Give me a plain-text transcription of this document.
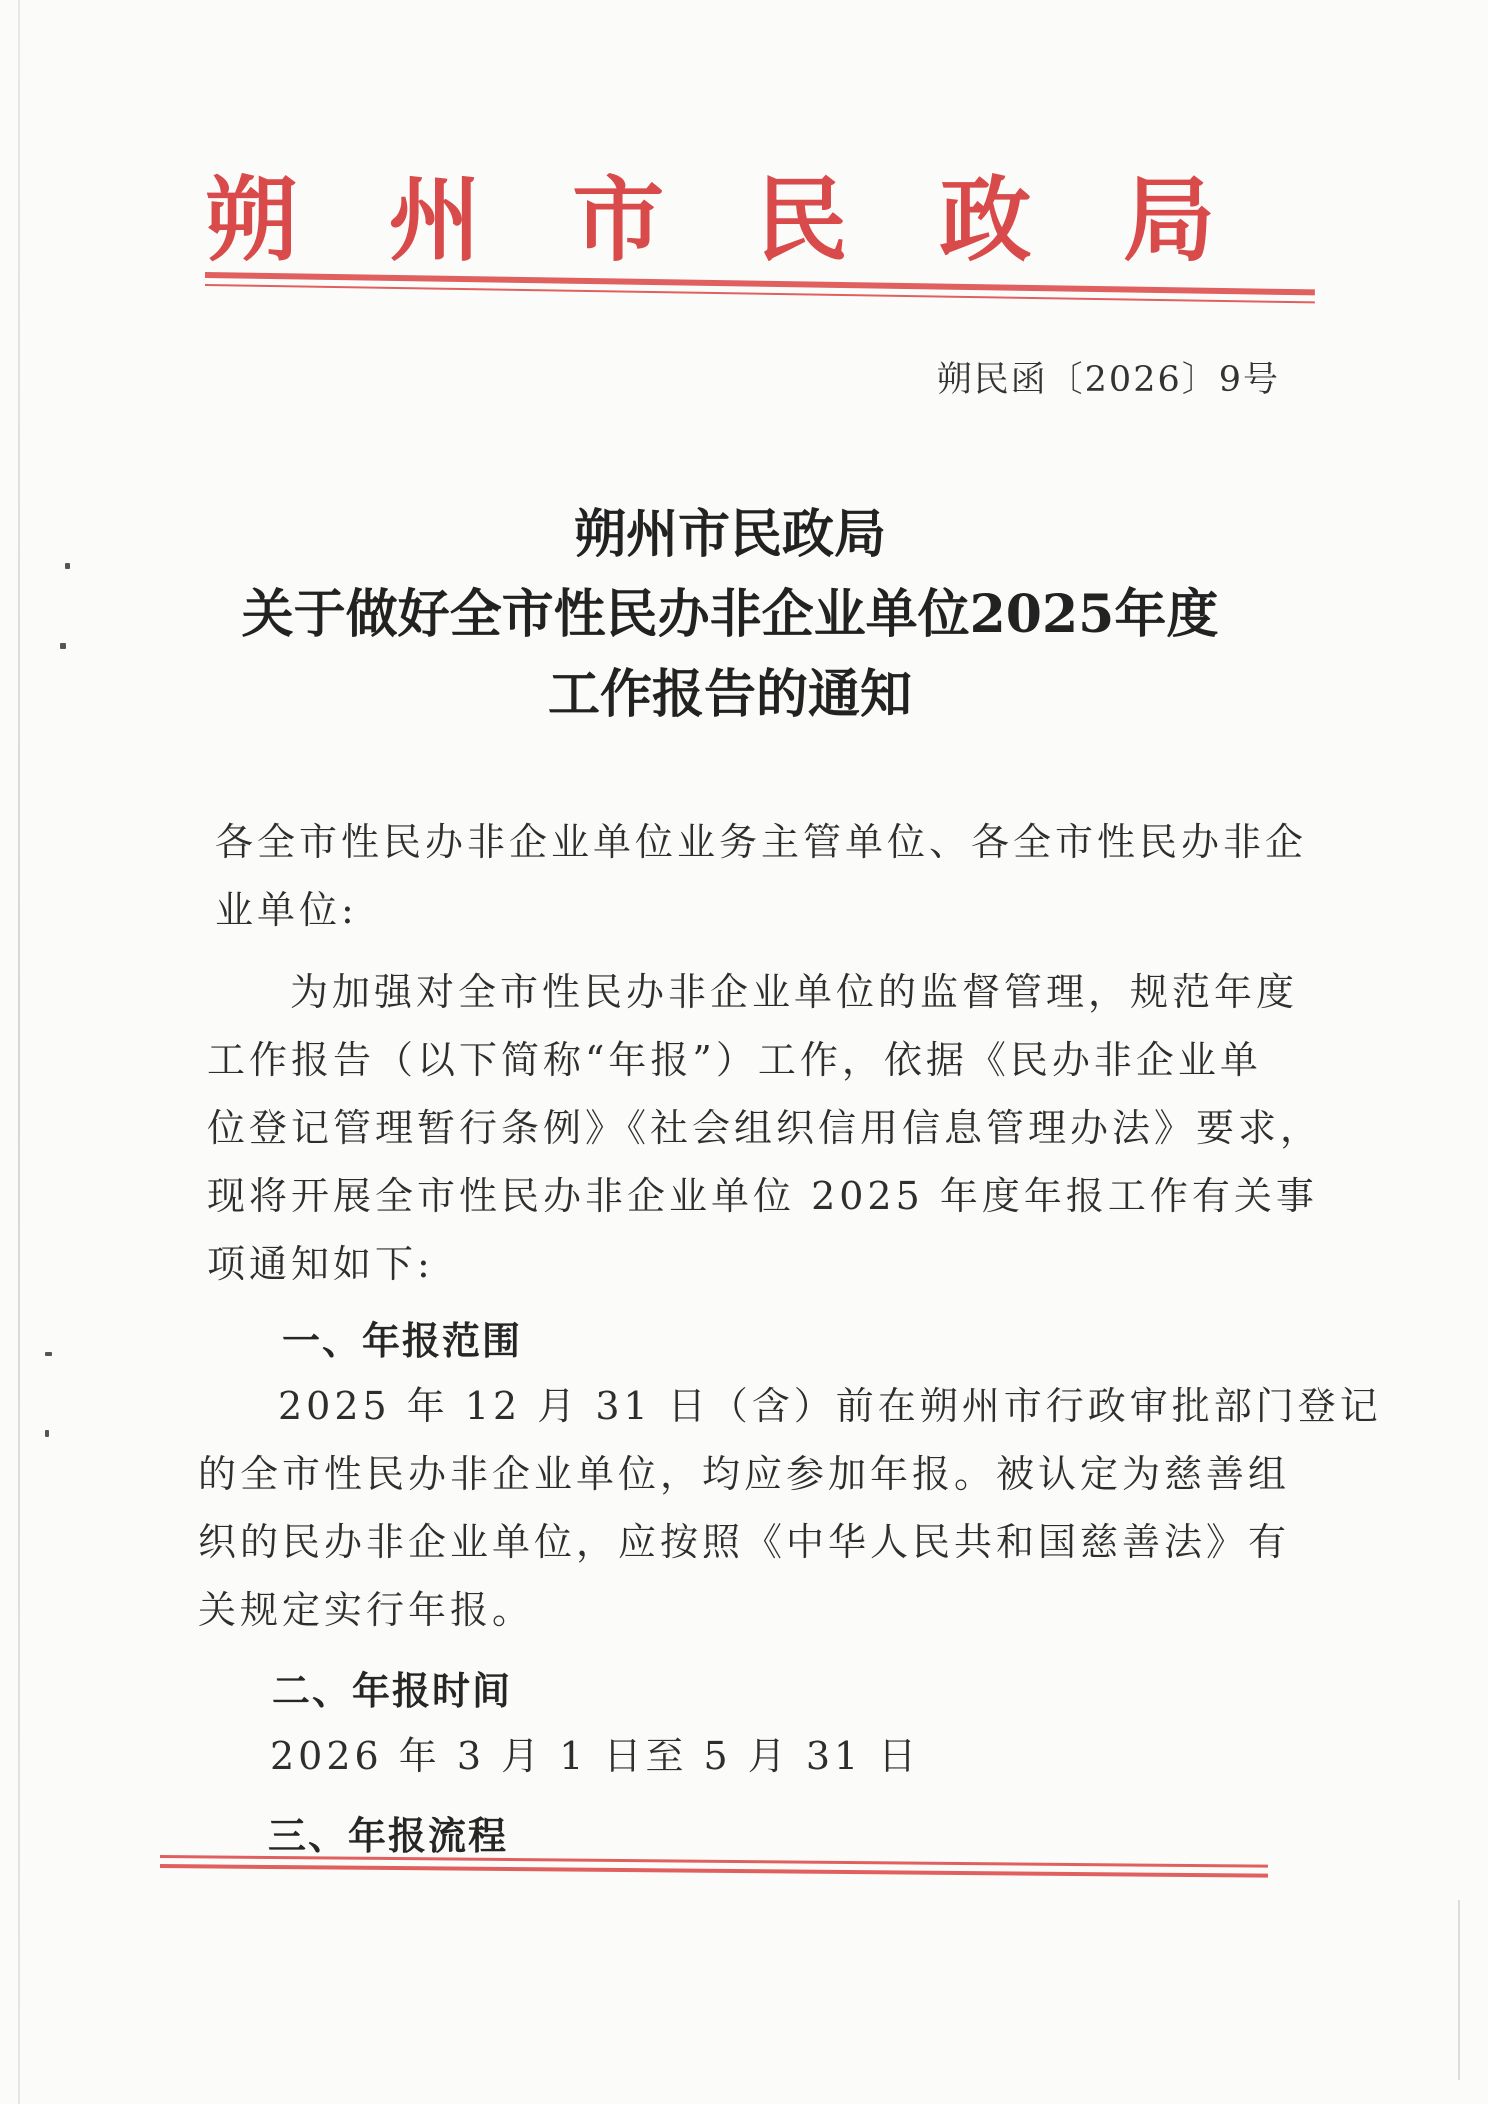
朔 州 市 民 政 局
朔民函〔2026〕9号
朔州市民政局
关于做好全市性民办非企业单位2025年度
工作报告的通知
各全市性民办非企业单位业务主管单位、各全市性民办非企
业单位:
为加强对全市性民办非企业单位的监督管理，规范年度
工作报告（以下简称“年报”）工作，依据《民办非企业单
位登记管理暂行条例》《社会组织信用信息管理办法》要求，
现将开展全市性民办非企业单位 2025 年度年报工作有关事
项通知如下:
一、年报范围
2025 年 12 月 31 日（含）前在朔州市行政审批部门登记
的全市性民办非企业单位，均应参加年报。被认定为慈善组
织的民办非企业单位，应按照《中华人民共和国慈善法》有
关规定实行年报。
二、年报时间
2026 年 3 月 1 日至 5 月 31 日
三、年报流程
